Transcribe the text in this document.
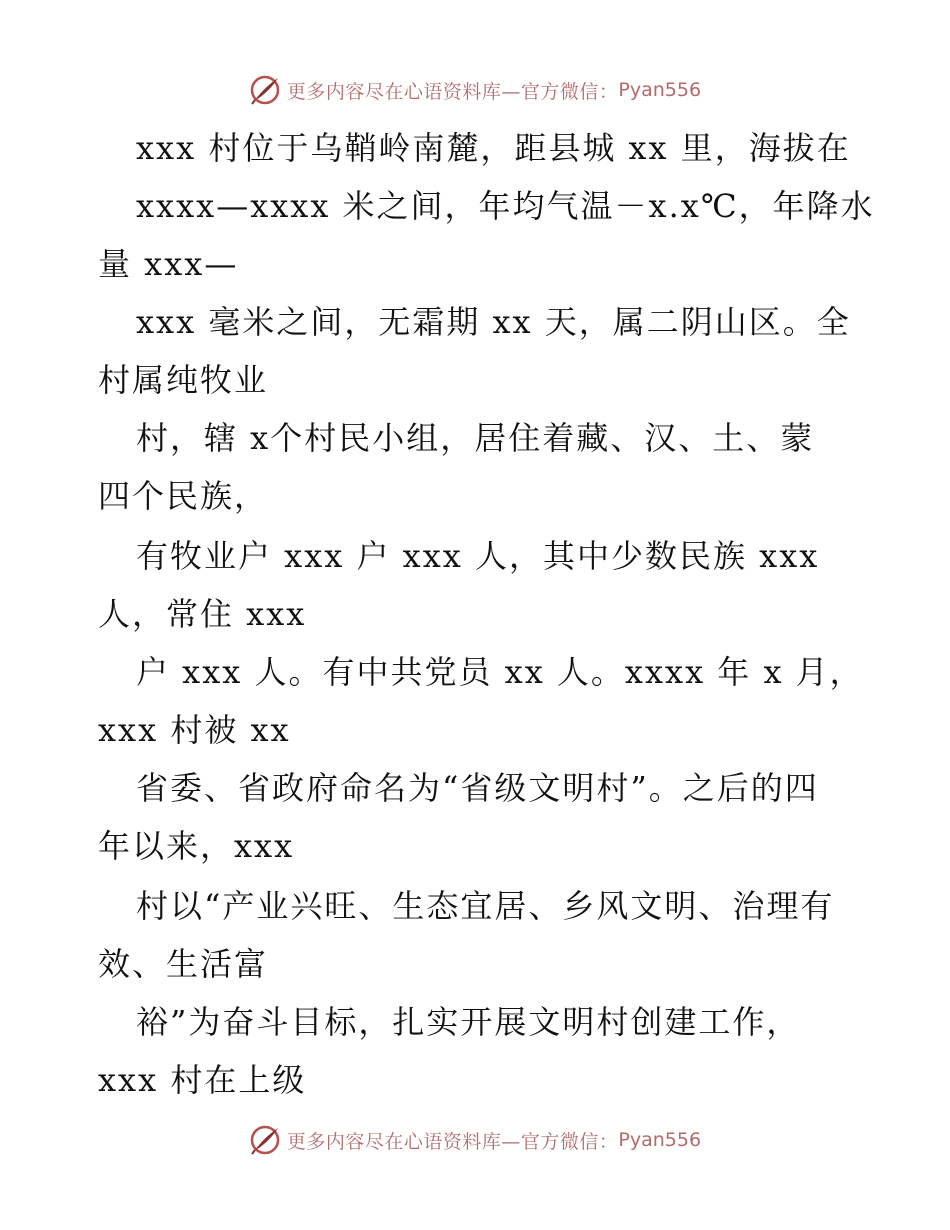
更多内容尽在心语资料库—官方微信： Pyan556
xxx 村位于乌鞘岭南麓，距县城 xx 里，海拔在
xxxx—xxxx 米之间，年均气温－x.x℃，年降水
量 xxx—
xxx 毫米之间，无霜期 xx 天，属二阴山区。全
村属纯牧业
村，辖 x个村民小组，居住着藏、汉、土、蒙
四个民族，
有牧业户 xxx 户 xxx 人，其中少数民族 xxx
人，常住 xxx
户 xxx 人。有中共党员 xx 人。xxxx 年 x 月，
xxx 村被 xx
省委、省政府命名为“省级文明村”。之后的四
年以来，xxx
村以“产业兴旺、生态宜居、乡风文明、治理有
效、生活富
裕”为奋斗目标，扎实开展文明村创建工作，
xxx 村在上级
更多内容尽在心语资料库—官方微信： Pyan556
